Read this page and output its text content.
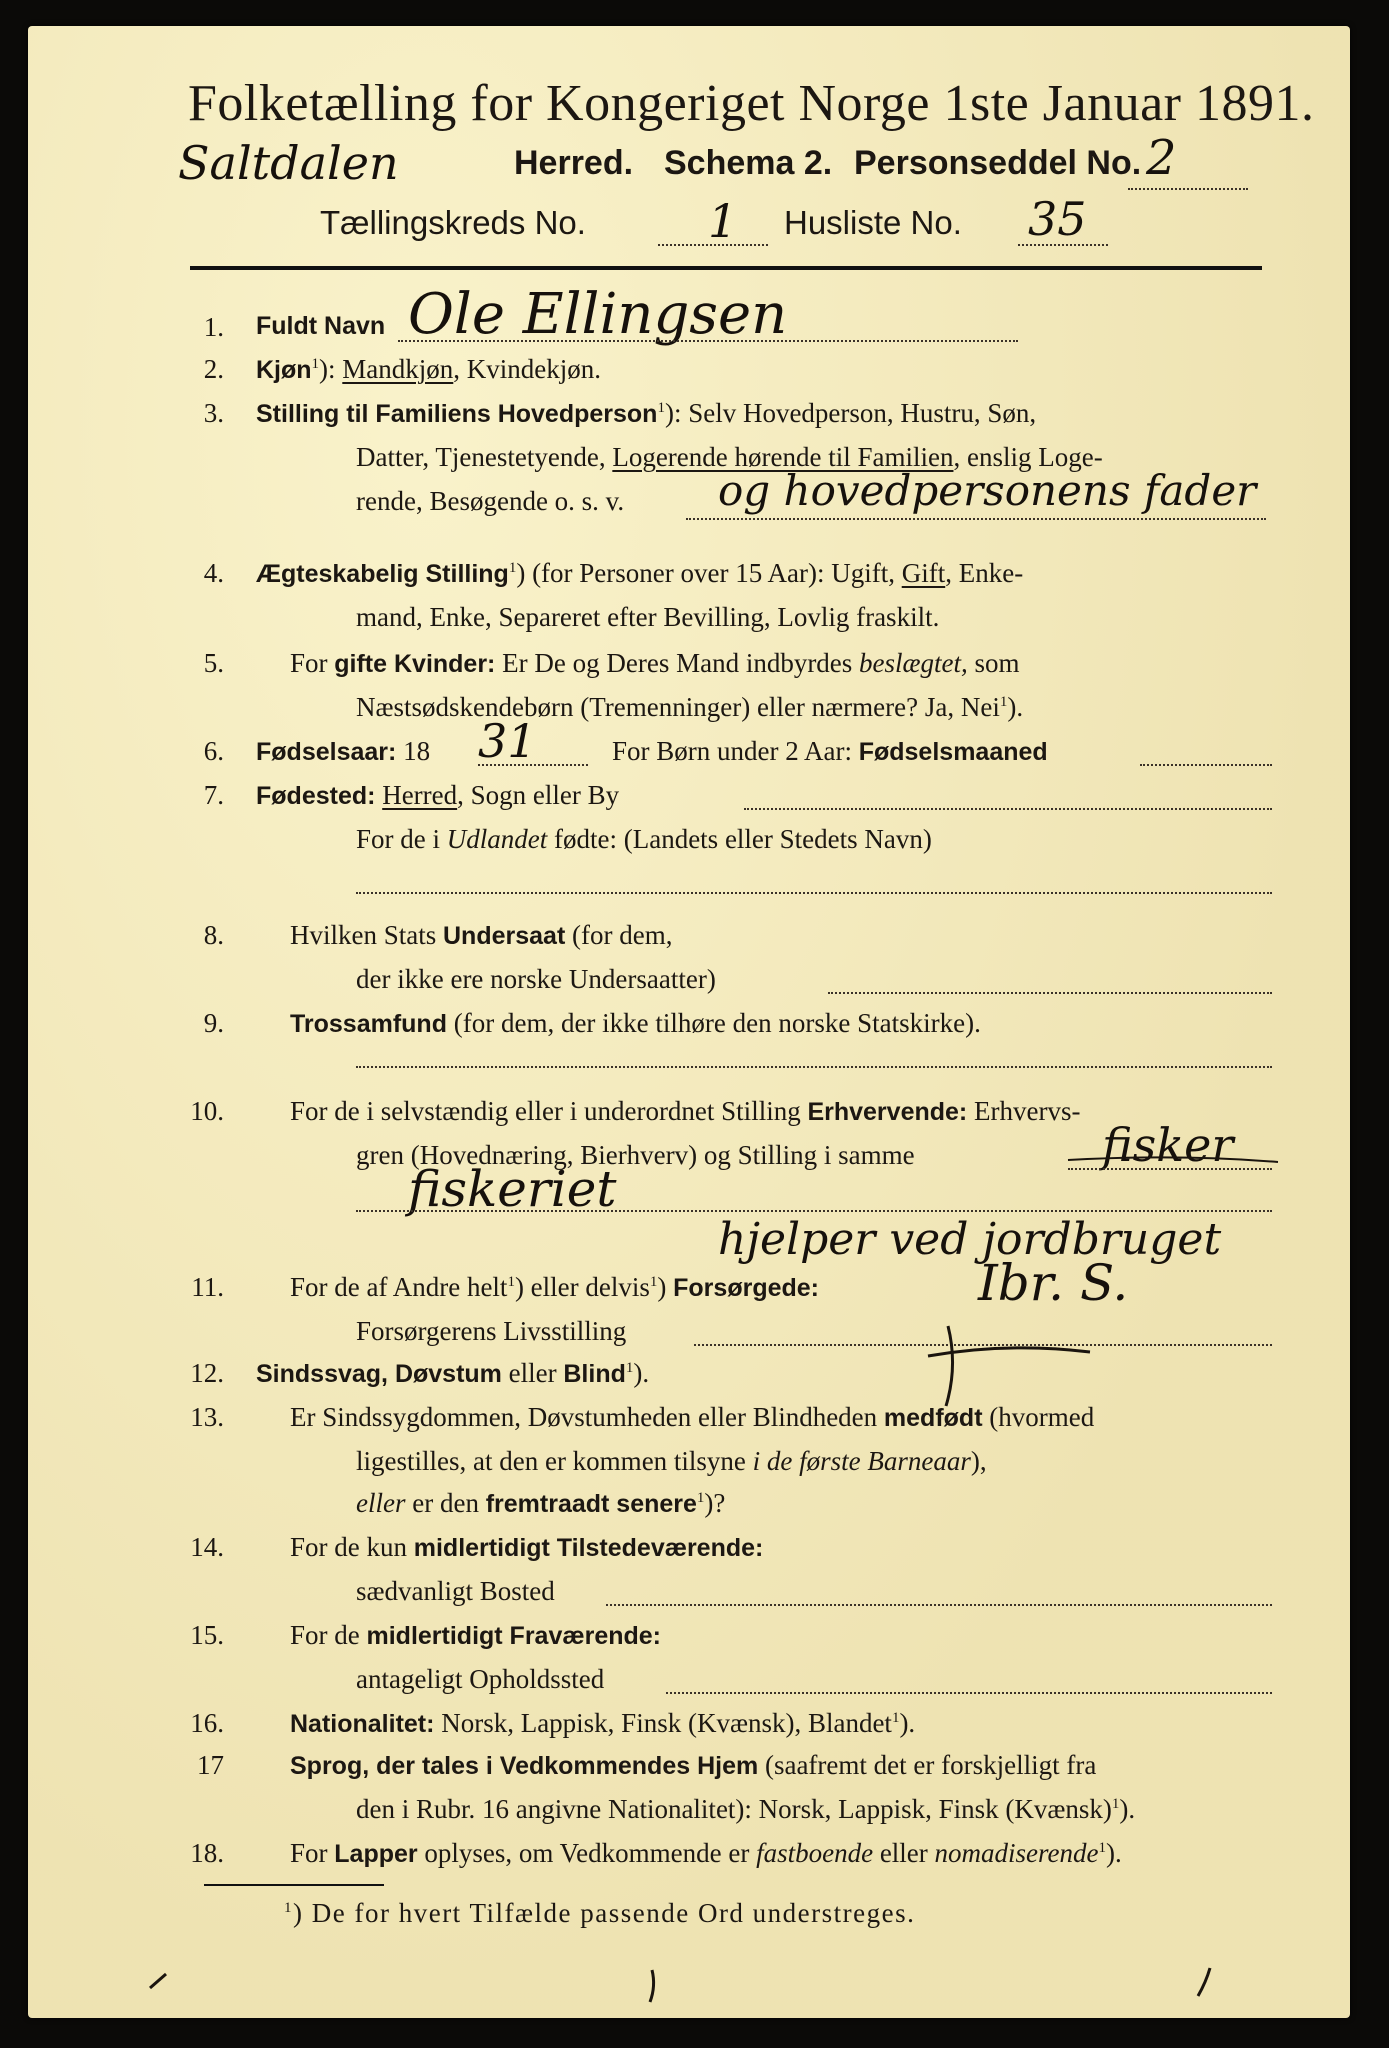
Folketælling for Kongeriget Norge 1ste Januar 1891.
Saltdalen	Herred. Schema 2. Personseddel No. 2
Tællingskreds No.	1 Husliste No. 35
1. Fuldt Navn Ole Ellingsen
2. Kjøn$^1$): Mandkjøn, Kvindekjøn.
3. Stilling til Familiens Hovedperson$^1$): Selv Hovedperson, Hustru, Søn,
Datter, Tjenestetyende, Logerende hørende til Familien, enslig Loge-
rende, Besøgende o. s. v. og hovedpersonens fader
4. Ægteskabelig Stilling$^1$) (for Personer over 15 Aar): Ugift, Gift, Enke-
mand, Enke, Separeret efter Bevilling, Lovlig fraskilt.
5. For gifte Kvinder: Er De og Deres Mand indbyrdes beslægtet, som
Næstsødskendebørn (Tremenninger) eller nærmere? Ja, Nei$^1$).
6. Fødselsaar: 18 31	For Børn under 2 Aar: Fødselsmaaned
7. Fødested: Herred, Sogn eller By
For de i Udlandet fødte: (Landets eller Stedets Navn)
8. Hvilken Stats Undersaat (for dem,
der ikke ere norske Undersaatter)
9.	Trossamfund (for dem, der ikke tilhøre den norske Statskirke).
10. For de i selvstændig eller i underordnet Stilling Erhvervende: Erhvervs-
gren (Hovednæring, Bierhverv) og Stilling i samme	fisker
fiskeriet
hjelper ved jordbruget
11. For de af Andre helt$^1$) eller delvis$^1$) Forsørgede:
Forsørgerens Livsstilling
Ibr. S.
12. Sindssvag, Døvstum eller Blind$^1$).
13. Er Sindssygdommen, Døvstumheden eller Blindheden medfødt (hvormed
ligestilles, at den er kommen tilsyne i de første Barneaar),
eller er den fremtraadt senere$^1$)?
14. For de kun midlertidigt Tilstedeværende:
sædvanligt Bosted
15. For de midlertidigt Fraværende:
antageligt Opholdssted
16.	Nationalitet: Norsk, Lappisk, Finsk (Kvænsk), Blandet$^1$).
17	Sprog, der tales i Vedkommendes Hjem (saafremt det er forskjelligt fra
den i Rubr. 16 angivne Nationalitet): Norsk, Lappisk, Finsk (Kvænsk)$^1$).
18. For Lapper oplyses, om Vedkommende er fastboende eller nomadiserende$^1$).
$^1$) De for hvert Tilfælde passende Ord understreges.
